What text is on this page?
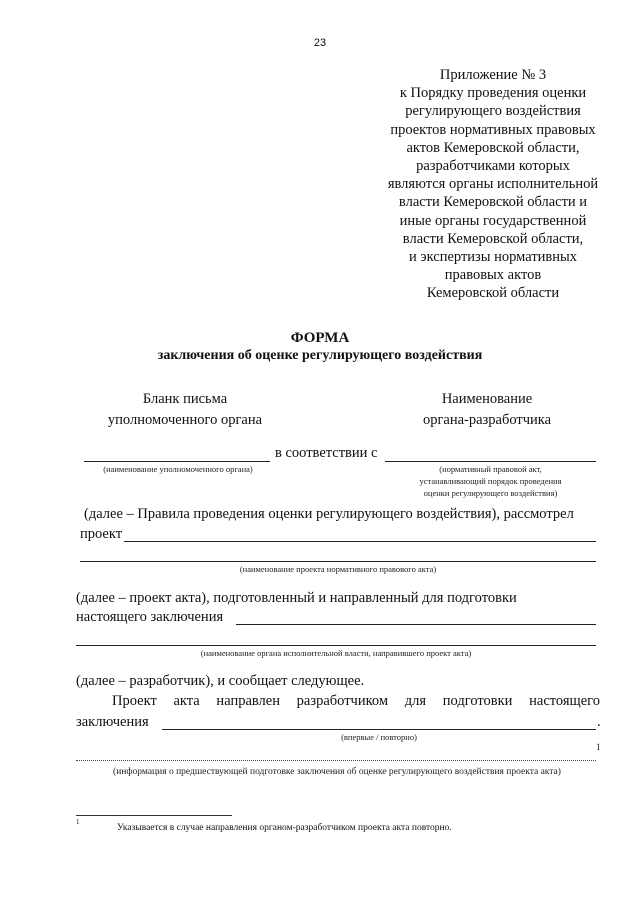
23
Приложение № 3
к Порядку проведения оценки
регулирующего воздействия
проектов нормативных правовых
актов Кемеровской области,
разработчиками которых
являются органы исполнительной
власти Кемеровской области и
иные органы государственной
власти Кемеровской области,
и экспертизы нормативных
правовых актов
Кемеровской области
ФОРМА
заключения об оценке регулирующего воздействия
Бланк письма
уполномоченного органа
Наименование
органа-разработчика
в соответствии с
(наименование уполномоченного органа)	(нормативный правовой акт,
устанавливающий порядок проведения
оценки регулирующего воздействия)
(далее – Правила проведения оценки регулирующего воздействия), рассмотрел
проект
(наименование проекта нормативного правового акта)
(далее – проект акта), подготовленный и направленный для подготовки
настоящего заключения
(наименование органа исполнительной власти, направившего проект акта)
(далее – разработчик), и сообщает следующее.
Проект акта направлен разработчиком для подготовки настоящего
заключения	.
(впервые / повторно)
1
(информация о предшествующей подготовке заключения об оценке регулирующего воздействия проекта акта)
1
Указывается в случае направления органом-разработчиком проекта акта повторно.
